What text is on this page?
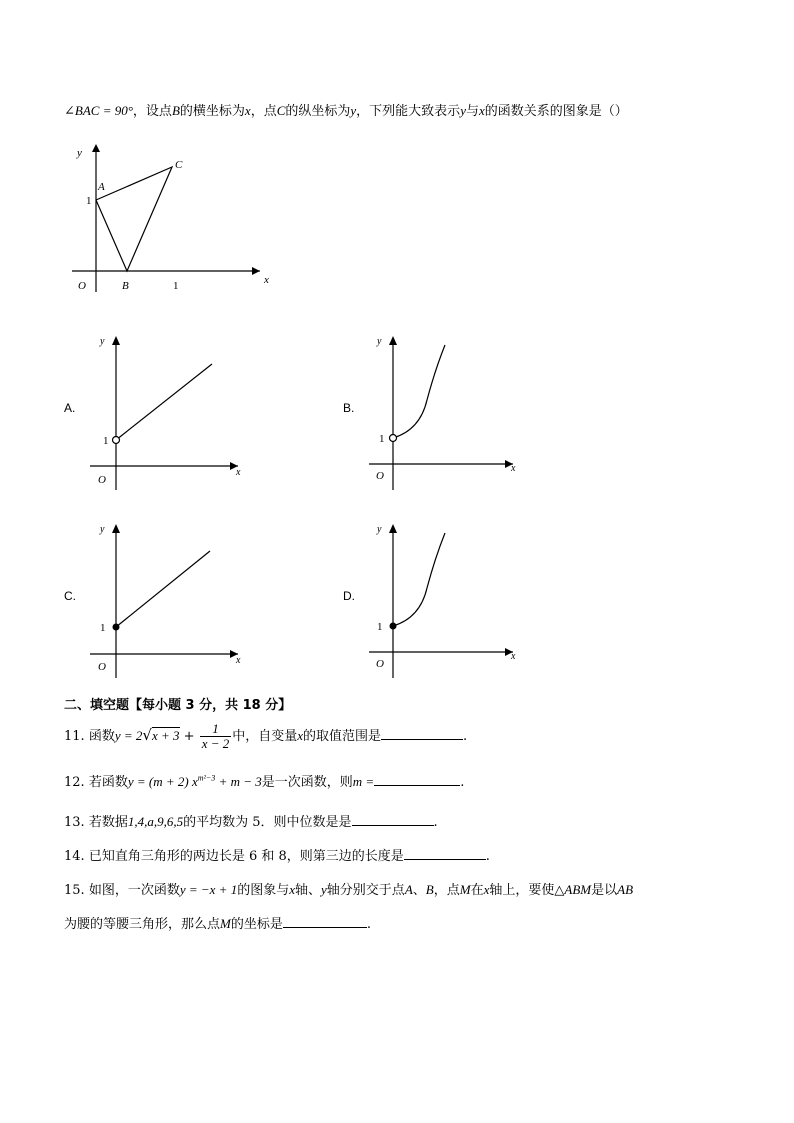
∠BAC = 90°，设点B的横坐标为x，点C的纵坐标为y，下列能大致表示y与x的函数关系的图象是（）
y
x
O
A
B
C
1
1
A.
y
x
O
1
B.
y
x
O
1
C.
y
x
O
1
D.
y
x
O
1
二、填空题【每小题 3 分，共 18 分】
11. 函数$y = 2√x + 3 + \frac{1}{x - 2}$ 中，自变量x的取值范围是	.
12. 若函数y = (m + 2) $x^{m^2-3} + m - 3$是一次函数，则m =	.
13. 若数据1,4,a,9,6,5的平均数为 5．则中位数是是	.
14. 已知直角三角形的两边长是 6 和 8，则第三边的长度是	.
15. 如图，一次函数y = −x + 1的图象与x轴、y轴分别交于点A、B，点M在x轴上，要使△ABM是以AB
为腰的等腰三角形，那么点M的坐标是	.
